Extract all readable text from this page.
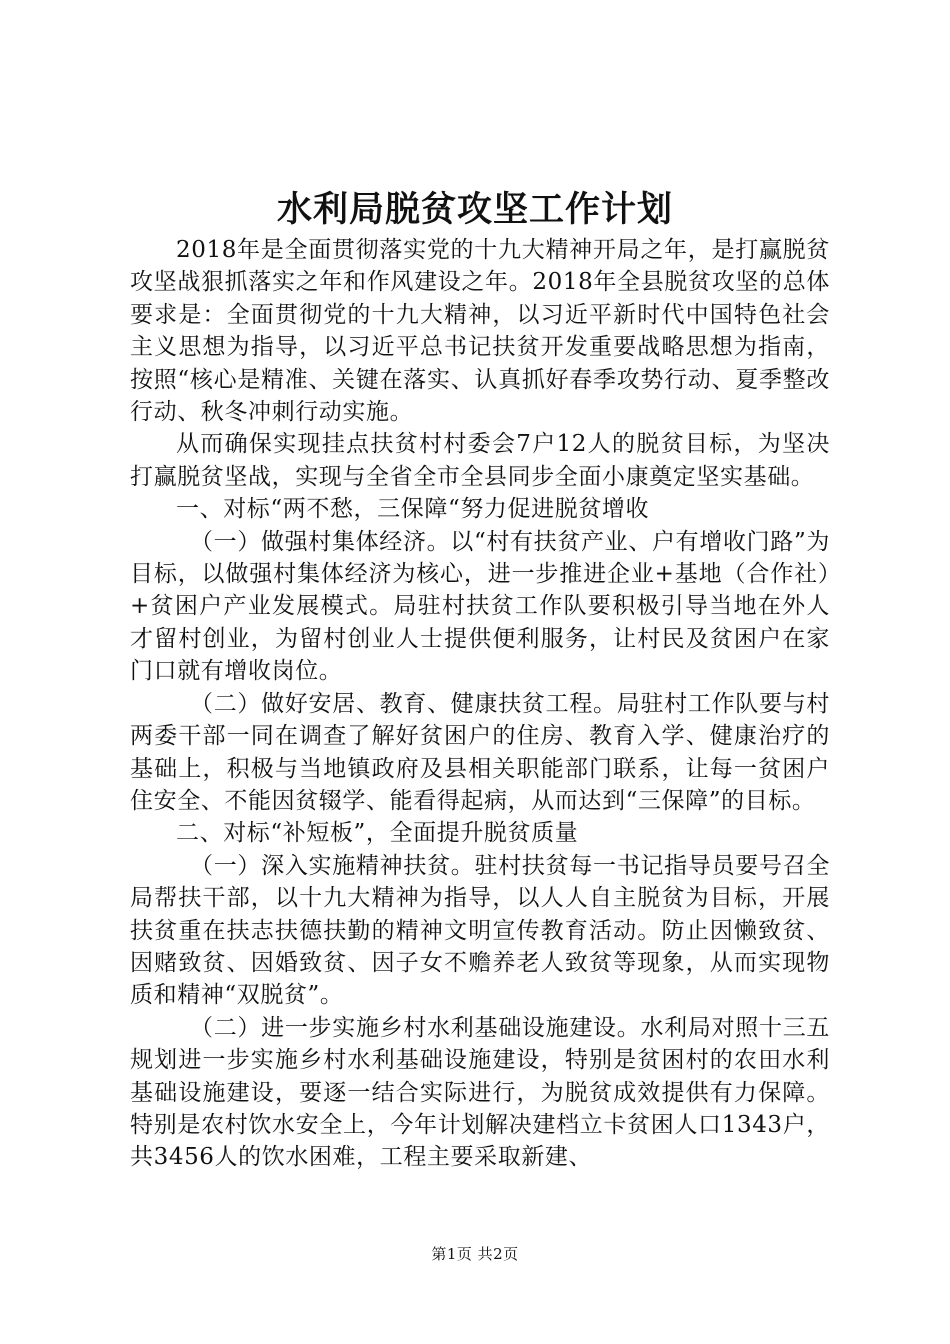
水利局脱贫攻坚工作计划

2018年是全面贯彻落实党的十九大精神开局之年，是打赢脱贫攻坚战狠抓落实之年和作风建设之年。2018年全县脱贫攻坚的总体要求是：全面贯彻党的十九大精神，以习近平新时代中国特色社会主义思想为指导，以习近平总书记扶贫开发重要战略思想为指南，按照“核心是精准、关键在落实、认真抓好春季攻势行动、夏季整改行动、秋冬冲刺行动实施。

从而确保实现挂点扶贫村村委会7户12人的脱贫目标，为坚决打赢脱贫坚战，实现与全省全市全县同步全面小康奠定坚实基础。

一、对标“两不愁，三保障“努力促进脱贫增收

（一）做强村集体经济。以“村有扶贫产业、户有增收门路”为目标，以做强村集体经济为核心，进一步推进企业+基地（合作社）+贫困户产业发展模式。局驻村扶贫工作队要积极引导当地在外人才留村创业，为留村创业人士提供便利服务，让村民及贫困户在家门口就有增收岗位。

（二）做好安居、教育、健康扶贫工程。局驻村工作队要与村两委干部一同在调查了解好贫困户的住房、教育入学、健康治疗的基础上，积极与当地镇政府及县相关职能部门联系，让每一贫困户住安全、不能因贫辍学、能看得起病，从而达到“三保障”的目标。

二、对标“补短板”，全面提升脱贫质量

（一）深入实施精神扶贫。驻村扶贫每一书记指导员要号召全局帮扶干部，以十九大精神为指导，以人人自主脱贫为目标，开展扶贫重在扶志扶德扶勤的精神文明宣传教育活动。防止因懒致贫、因赌致贫、因婚致贫、因子女不赡养老人致贫等现象，从而实现物质和精神“双脱贫”。

（二）进一步实施乡村水利基础设施建设。水利局对照十三五规划进一步实施乡村水利基础设施建设，特别是贫困村的农田水利基础设施建设，要逐一结合实际进行，为脱贫成效提供有力保障。特别是农村饮水安全上，今年计划解决建档立卡贫困人口1343户，共3456人的饮水困难，工程主要采取新建、

第1页 共2页
